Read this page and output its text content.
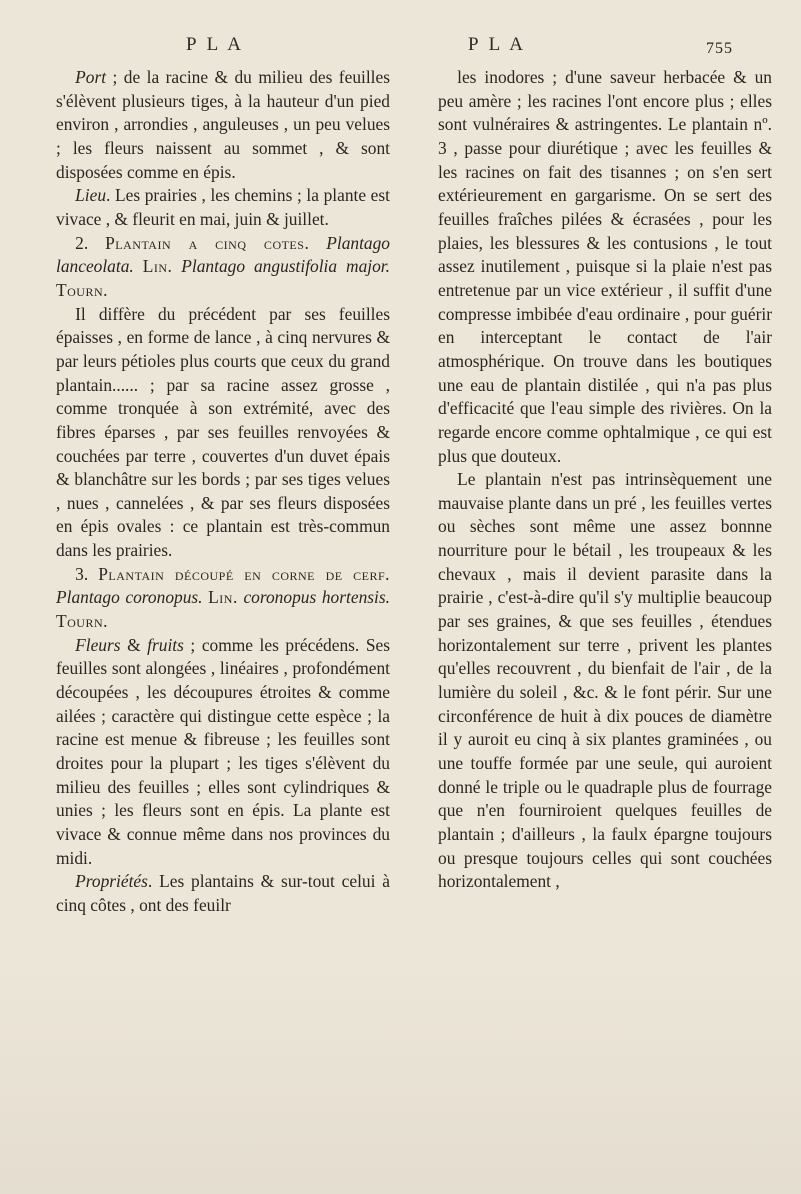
P L A	P L A	755

Port ; de la racine & du milieu des feuilles s'élèvent plusieurs tiges, à la hauteur d'un pied environ , arrondies , anguleuses , un peu velues ; les fleurs naissent au sommet , & sont disposées comme en épis.

Lieu. Les prairies , les chemins ; la plante est vivace , & fleurit en mai, juin & juillet.

2. Plantain a cinq cotes. Plantago lanceolata. Lin. Plantago angustifolia major. Tourn.

Il diffère du précédent par ses feuilles épaisses , en forme de lance , à cinq nervures & par leurs pétioles plus courts que ceux du grand plantain...... ; par sa racine assez grosse , comme tronquée à son extrémité, avec des fibres éparses , par ses feuilles renvoyées & couchées par terre , couvertes d'un duvet épais & blanchâtre sur les bords ; par ses tiges velues , nues , cannelées , & par ses fleurs disposées en épis ovales : ce plantain est très-commun dans les prairies.

3. Plantain découpé en corne de cerf. Plantago coronopus. Lin. coronopus hortensis. Tourn.

Fleurs & fruits ; comme les précédens. Ses feuilles sont alongées , linéaires , profondément découpées , les découpures étroites & comme ailées ; caractère qui distingue cette espèce ; la racine est menue & fibreuse ; les feuilles sont droites pour la plupart ; les tiges s'élèvent du milieu des feuilles ; elles sont cylindriques & unies ; les fleurs sont en épis. La plante est vivace & connue même dans nos provinces du midi.

Propriétés. Les plantains & sur-tout celui à cinq côtes , ont des feuilr

les inodores ; d'une saveur herbacée & un peu amère ; les racines l'ont encore plus ; elles sont vulnéraires & astringentes. Le plantain nº. 3 , passe pour diurétique ; avec les feuilles & les racines on fait des tisannes ; on s'en sert extérieurement en gargarisme. On se sert des feuilles fraîches pilées & écrasées , pour les plaies, les blessures & les contusions , le tout assez inutilement , puisque si la plaie n'est pas entretenue par un vice extérieur , il suffit d'une compresse imbibée d'eau ordinaire , pour guérir en interceptant le contact de l'air atmosphérique. On trouve dans les boutiques une eau de plantain distilée , qui n'a pas plus d'efficacité que l'eau simple des rivières. On la regarde encore comme ophtalmique , ce qui est plus que douteux.

Le plantain n'est pas intrinsèquement une mauvaise plante dans un pré , les feuilles vertes ou sèches sont même une assez bonnne nourriture pour le bétail , les troupeaux & les chevaux , mais il devient parasite dans la prairie , c'est-à-dire qu'il s'y multiplie beaucoup par ses graines, & que ses feuilles , étendues horizontalement sur terre , privent les plantes qu'elles recouvrent , du bienfait de l'air , de la lumière du soleil , &c. & le font périr. Sur une circonférence de huit à dix pouces de diamètre il y auroit eu cinq à six plantes graminées , ou une touffe formée par une seule, qui auroient donné le triple ou le quadraple plus de fourrage que n'en fourniroient quelques feuilles de plantain ; d'ailleurs , la faulx épargne toujours ou presque toujours celles qui sont couchées horizontalement ,
